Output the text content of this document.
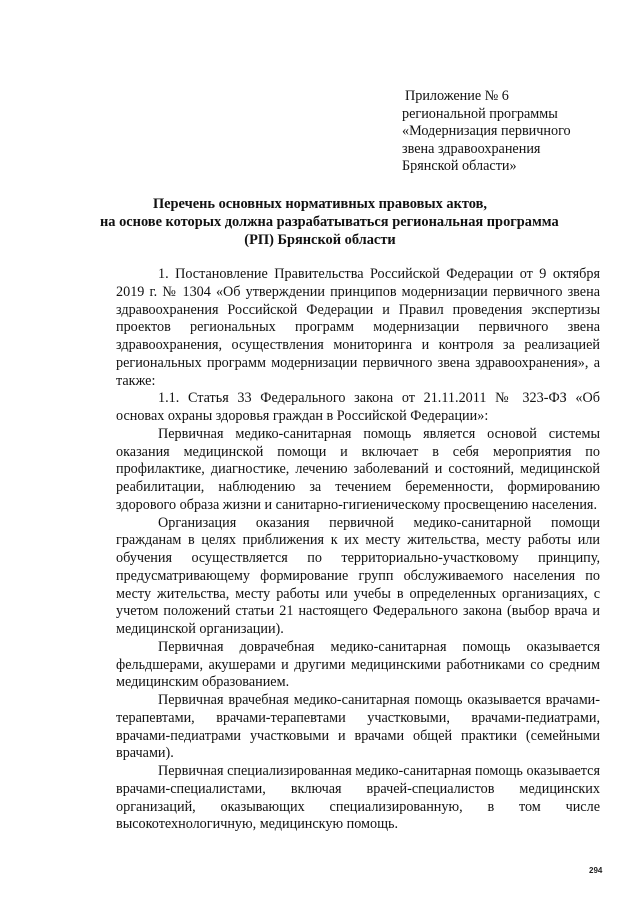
Приложение № 6
региональной программы
«Модернизация первичного
звена здравоохранения
Брянской области»
Перечень основных нормативных правовых актов,
на основе которых должна разрабатываться региональная программа
(РП) Брянской области

1. Постановление Правительства Российской Федерации от 9 октября 2019 г. № 1304 «Об утверждении принципов модернизации первичного звена здравоохранения Российской Федерации и Правил проведения экспертизы проектов региональных программ модернизации первичного звена здравоохранения, осуществления мониторинга и контроля за реализацией региональных программ модернизации первичного звена здравоохранения», а также:

1.1. Статья 33 Федерального закона от 21.11.2011 № 323-ФЗ «Об основах охраны здоровья граждан в Российской Федерации»:

Первичная медико-санитарная помощь является основой системы оказания медицинской помощи и включает в себя мероприятия по профилактике, диагностике, лечению заболеваний и состояний, медицинской реабилитации, наблюдению за течением беременности, формированию здорового образа жизни и санитарно-гигиеническому просвещению населения.

Организация оказания первичной медико-санитарной помощи гражданам в целях приближения к их месту жительства, месту работы или обучения осуществляется по территориально-участковому принципу, предусматривающему формирование групп обслуживаемого населения по месту жительства, месту работы или учебы в определенных организациях, с учетом положений статьи 21 настоящего Федерального закона (выбор врача и медицинской организации).

Первичная доврачебная медико-санитарная помощь оказывается фельдшерами, акушерами и другими медицинскими работниками со средним медицинским образованием.

Первичная врачебная медико-санитарная помощь оказывается врачами-терапевтами, врачами-терапевтами участковыми, врачами-педиатрами, врачами-педиатрами участковыми и врачами общей практики (семейными врачами).

Первичная специализированная медико-санитарная помощь оказывается врачами-специалистами, включая врачей-специалистов медицинских организаций, оказывающих специализированную, в том числе высокотехнологичную, медицинскую помощь.

294
